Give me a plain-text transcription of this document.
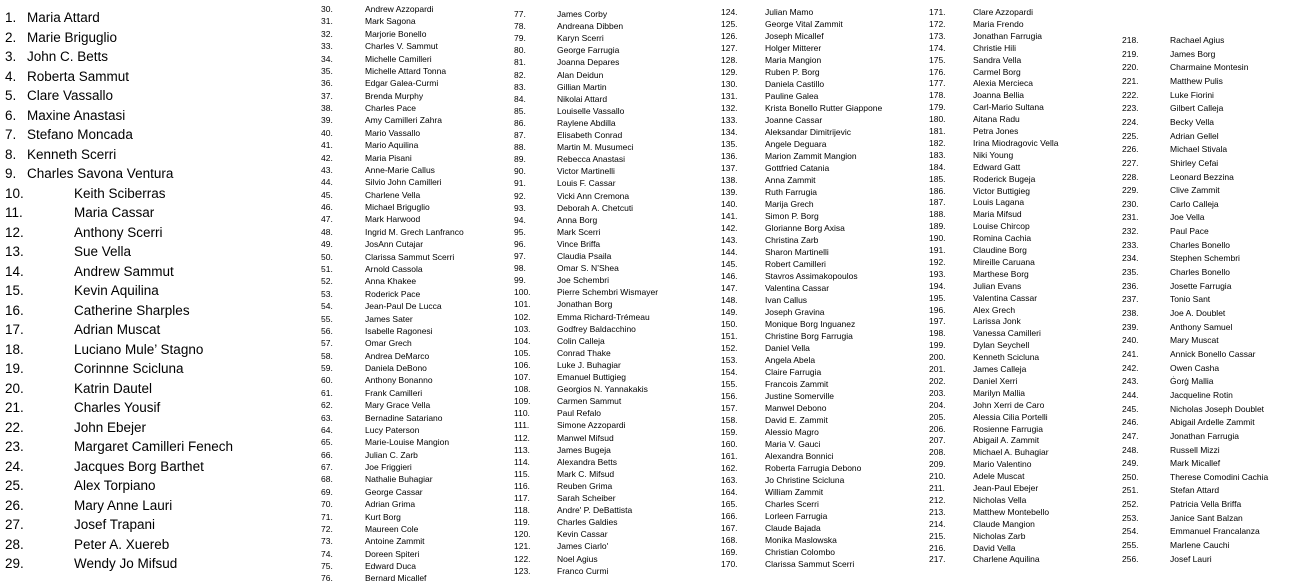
1. Maria Attard
2. Marie Briguglio
3. John C. Betts
4. Roberta Sammut
5. Clare Vassallo
6. Maxine Anastasi
7. Stefano Moncada
8. Kenneth Scerri
9. Charles Savona Ventura
10.	Keith Sciberras
11.	Maria Cassar
12.	Anthony Scerri
13.	Sue Vella
14.	Andrew Sammut
15.	Kevin Aquilina
16.	Catherine Sharples
17.	Adrian Muscat
18.	Luciano Mule’ Stagno
19.	Corinnne Scicluna
20.	Katrin Dautel
21.	Charles Yousif
22.	John Ebejer
23.	Margaret Camilleri Fenech
24.	Jacques Borg Barthet
25.	Alex Torpiano
26.	Mary Anne Lauri
27.	Josef Trapani
28.	Peter A. Xuereb
29.	Wendy Jo Mifsud
30.	Andrew Azzopardi
31.	Mark Sagona
32.	Marjorie Bonello
33.	Charles V. Sammut
34.	Michelle Camilleri
35.	Michelle Attard Tonna
36.	Edgar Galea-Curmi
37.	Brenda Murphy
38.	Charles Pace
39.	Amy Camilleri Zahra
40.	Mario Vassallo
41.	Mario Aquilina
42.	Maria Pisani
43.	Anne-Marie Callus
44.	Silvio John Camilleri
45.	Charlene Vella
46.	Michael Briguglio
47.	Mark Harwood
48.	Ingrid M. Grech Lanfranco
49.	JosAnn Cutajar
50.	Clarissa Sammut Scerri
51.	Arnold Cassola
52.	Anna Khakee
53.	Roderick Pace
54.	Jean-Paul De Lucca
55.	James Sater
56.	Isabelle Ragonesi
57.	Omar Grech
58.	Andrea DeMarco
59.	Daniela DeBono
60.	Anthony Bonanno
61.	Frank Camilleri
62.	Mary Grace Vella
63.	Bernadine Satariano
64.	Lucy Paterson
65.	Marie-Louise Mangion
66.	Julian C. Zarb
67.	Joe Friggieri
68.	Nathalie Buhagiar
69.	George Cassar
70.	Adrian Grima
71.	Kurt Borg
72.	Maureen Cole
73.	Antoine Zammit
74.	Doreen Spiteri
75.	Edward Duca
76.	Bernard Micallef
77.	James Corby
78.	Andreana Dibben
79.	Karyn Scerri
80.	George Farrugia
81.	Joanna Depares
82.	Alan Deidun
83.	Gillian Martin
84.	Nikolai Attard
85.	Louiselle Vassallo
86.	Raylene Abdilla
87.	Elisabeth Conrad
88.	Martin M. Musumeci
89.	Rebecca Anastasi
90.	Victor Martinelli
91.	Louis F. Cassar
92.	Vicki Ann Cremona
93.	Deborah A. Chetcuti
94.	Anna Borg
95.	Mark Scerri
96.	Vince Briffa
97.	Claudia Psaila
98.	Omar S. N’Shea
99.	Joe Schembri
100.	Pierre Schembri Wismayer
101.	Jonathan Borg
102.	Emma Richard-Trémeau
103.	Godfrey Baldacchino
104.	Colin Calleja
105.	Conrad Thake
106.	Luke J. Buhagiar
107.	Emanuel Buttigieg
108.	Georgios N. Yannakakis
109.	Carmen Sammut
110.	Paul Refalo
111.	Simone Azzopardi
112.	Manwel Mifsud
113.	James Bugeja
114.	Alexandra Betts
115.	Mark C. Mifsud
116.	Reuben Grima
117.	Sarah Scheiber
118.	Andre' P. DeBattista
119.	Charles Galdies
120.	Kevin Cassar
121.	James Ciarlo'
122.	Noel Agius
123.	Franco Curmi
124.	Julian Mamo
125.	George Vital Zammit
126.	Joseph Micallef
127.	Holger Mitterer
128.	Maria Mangion
129.	Ruben P. Borg
130.	Daniela Castillo
131.	Pauline Galea
132.	Krista Bonello Rutter Giappone
133.	Joanne Cassar
134.	Aleksandar Dimitrijevic
135.	Angele Deguara
136.	Marion Zammit Mangion
137.	Gottfried Catania
138.	Anna Zammit
139.	Ruth Farrugia
140.	Marija Grech
141.	Simon P. Borg
142.	Glorianne Borg Axisa
143.	Christina Zarb
144.	Sharon Martinelli
145.	Robert Camilleri
146.	Stavros Assimakopoulos
147.	Valentina Cassar
148.	Ivan Callus
149.	Joseph Gravina
150.	Monique Borg Inguanez
151.	Christine Borg Farrugia
152.	Daniel Vella
153.	Angela Abela
154.	Claire Farrugia
155.	Francois Zammit
156.	Justine Somerville
157.	Manwel Debono
158.	David E. Zammit
159.	Alessio Magro
160.	Maria V. Gauci
161.	Alexandra Bonnici
162.	Roberta Farrugia Debono
163.	Jo Christine Scicluna
164.	William Zammit
165.	Charles Scerri
166.	Lorleen Farrugia
167.	Claude Bajada
168.	Monika Maslowska
169.	Christian Colombo
170.	Clarissa Sammut Scerri
171.	Clare Azzopardi
172.	Maria Frendo
173.	Jonathan Farrugia
174.	Christie Hili
175.	Sandra Vella
176.	Carmel Borg
177.	Alexia Mercieca
178.	Joanna Bellia
179.	Carl-Mario Sultana
180.	Aitana Radu
181.	Petra Jones
182.	Irina Miodragovic Vella
183.	Niki Young
184.	Edward Gatt
185.	Roderick Bugeja
186.	Victor Buttigieg
187.	Louis Lagana
188.	Maria Mifsud
189.	Louise Chircop
190.	Romina Cachia
191.	Claudine Borg
192.	Mireille Caruana
193.	Marthese Borg
194.	Julian Evans
195.	Valentina Cassar
196.	Alex Grech
197.	Larissa Jonk
198.	Vanessa Camilleri
199.	Dylan Seychell
200.	Kenneth Scicluna
201.	James Calleja
202.	Daniel Xerri
203.	Marilyn Mallia
204.	John Xerri de Caro
205.	Alessia Cilia Portelli
206.	Rosienne Farrugia
207.	Abigail A. Zammit
208.	Michael A. Buhagiar
209.	Mario Valentino
210.	Adele Muscat
211.	Jean-Paul Ebejer
212.	Nicholas Vella
213.	Matthew Montebello
214.	Claude Mangion
215.	Nicholas Zarb
216.	David Vella
217.	Charlene Aquilina
218.	Rachael Agius
219.	James Borg
220.	Charmaine Montesin
221.	Matthew Pulis
222.	Luke Fiorini
223.	Gilbert Calleja
224.	Becky Vella
225.	Adrian Gellel
226.	Michael Stivala
227.	Shirley Cefai
228.	Leonard Bezzina
229.	Clive Zammit
230.	Carlo Calleja
231.	Joe Vella
232.	Paul Pace
233.	Charles Bonello
234.	Stephen Schembri
235.	Charles Bonello
236.	Josette Farrugia
237.	Tonio Sant
238.	Joe A. Doublet
239.	Anthony Samuel
240.	Mary Muscat
241.	Annick Bonello Cassar
242.	Owen Casha
243.	Ġorġ Mallia
244.	Jacqueline Rotin
245.	Nicholas Joseph Doublet
246.	Abigail Ardelle Zammit
247.	Jonathan Farrugia
248.	Russell Mizzi
249.	Mark Micallef
250.	Therese Comodini Cachia
251.	Stefan Attard
252.	Patricia Vella Briffa
253.	Janice Sant Balzan
254.	Emmanuel Francalanza
255.	Marlene Cauchi
256.	Josef Lauri
